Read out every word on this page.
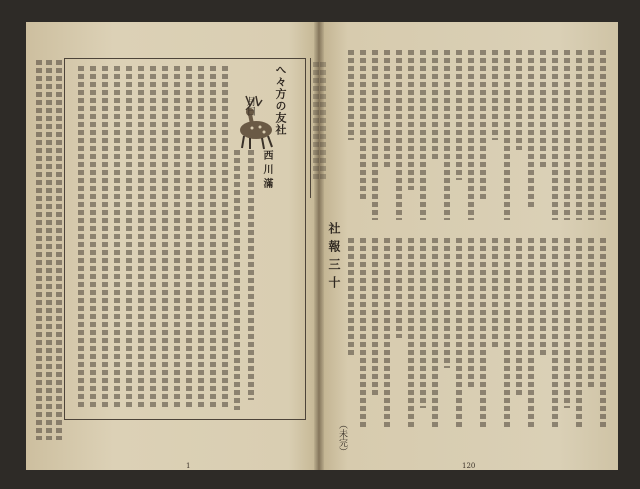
へ々方の友社
西川滿
月日
1
社報三十
（未完）
120
